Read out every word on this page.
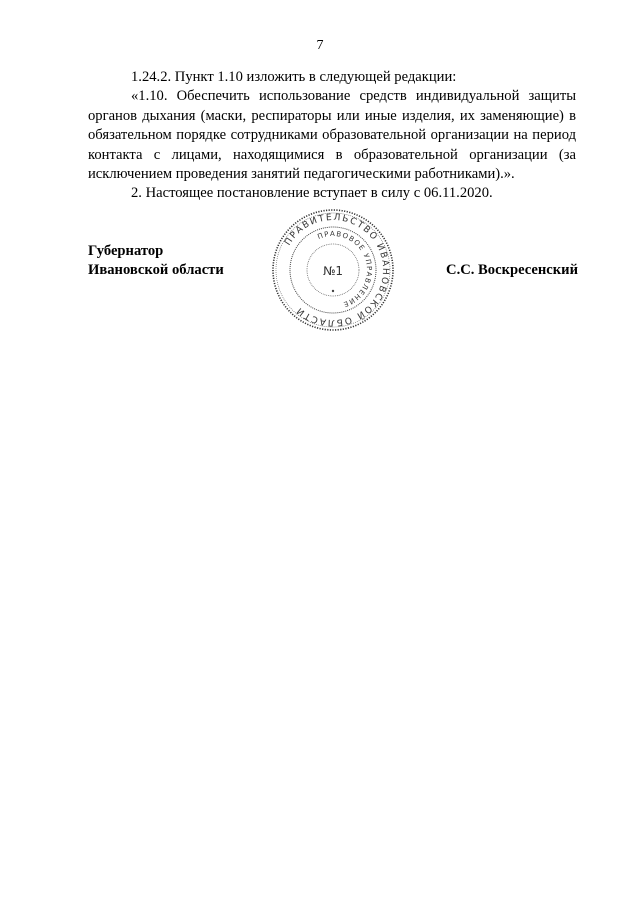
7

1.24.2. Пункт 1.10 изложить в следующей редакции:

«1.10. Обеспечить использование средств индивидуальной защиты органов дыхания (маски, респираторы или иные изделия, их заменяющие) в обязательном порядке сотрудниками образовательной организации на период контакта с лицами, находящимися в образовательной организации (за исключением проведения занятий педагогическими работниками).».

2. Настоящее постановление вступает в силу с 06.11.2020.

Губернатор
Ивановской области
ПРАВИТЕЛЬСТВО ИВАНОВСКОЙ ОБЛАСТИ
ПРАВОВОЕ УПРАВЛЕНИЕ
№1	С.С. Воскресенский
